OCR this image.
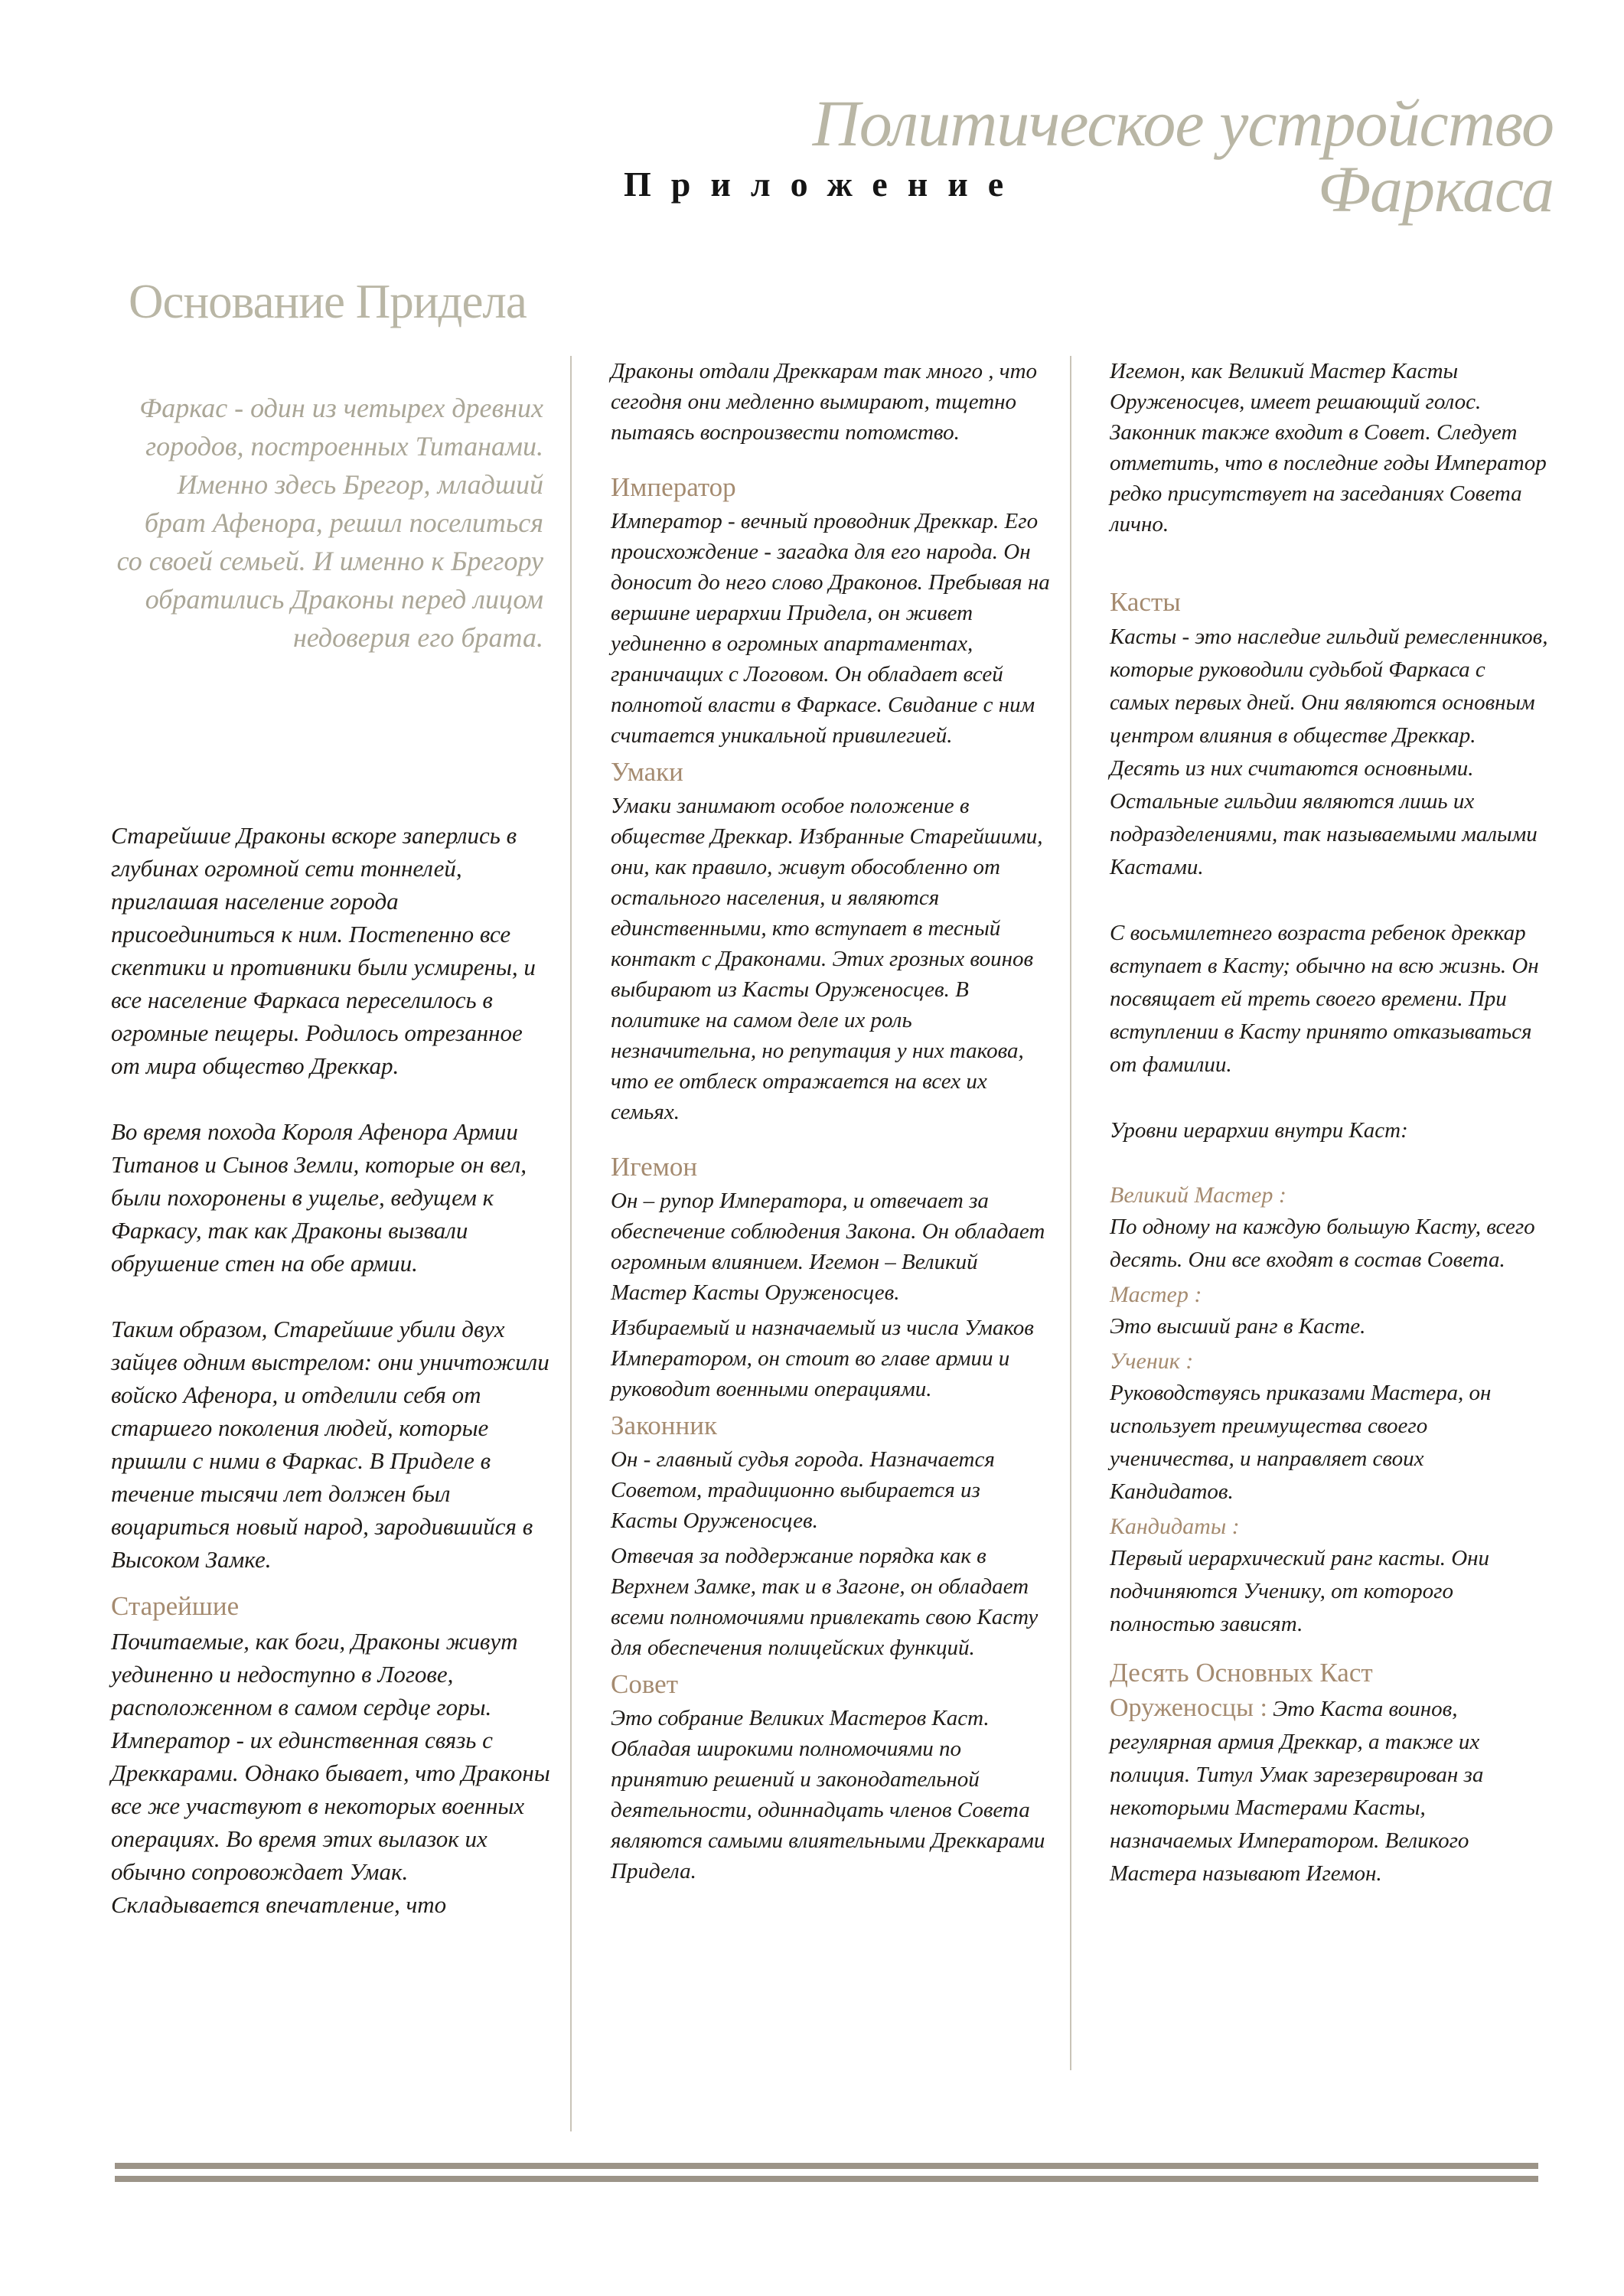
Политическое устройство Фаркаса
Приложение
Основание Придела
Фаркас - один из четырех древних городов, построенных Титанами. Именно здесь Брегор, младший брат Афенора, решил поселиться со своей семьей. И именно к Брегору обратились Драконы перед лицом недоверия его брата.

Старейшие Драконы вскоре заперлись в глубинах огромной сети тоннелей, приглашая население города присоединиться к ним. Постепенно все скептики и противники были усмирены, и все население Фаркаса переселилось в огромные пещеры. Родилось отрезанное от мира общество Дреккар.

Во время похода Короля Афенора Армии Титанов и Сынов Земли, которые он вел, были похоронены в ущелье, ведущем к Фаркасу, так как Драконы вызвали обрушение стен на обе армии.

Таким образом, Старейшие убили двух зайцев одним выстрелом: они уничтожили войско Афенора, и отделили себя от старшего поколения людей, которые пришли с ними в Фаркас. В Приделе в течение тысячи лет должен был воцариться новый народ, зародившийся в Высоком Замке.

Старейшие

Почитаемые, как боги, Драконы живут уединенно и недоступно в Логове, расположенном в самом сердце горы. Император - их единственная связь с Дреккарами. Однако бывает, что Драконы все же участвуют в некоторых военных операциях. Во время этих вылазок их обычно сопровождает Умак. Складывается впечатление, что

Драконы отдали Дреккарам так много , что сегодня они медленно вымирают, тщетно пытаясь воспроизвести потомство.

Император

Император - вечный проводник Дреккар. Его происхождение - загадка для его народа. Он доносит до него слово Драконов. Пребывая на вершине иерархии Придела, он живет уединенно в огромных апартаментах, граничащих с Логовом. Он обладает всей полнотой власти в Фаркасе. Свидание с ним считается уникальной привилегией.

Умаки

Умаки занимают особое положение в обществе Дреккар. Избранные Старейшими, они, как правило, живут обособленно от остального населения, и являются единственными, кто вступает в тесный контакт с Драконами. Этих грозных воинов выбирают из Касты Оруженосцев. В политике на самом деле их роль незначительна, но репутация у них такова, что ее отблеск отражается на всех их семьях.

Игемон

Он – рупор Императора, и отвечает за обеспечение соблюдения Закона. Он обладает огромным влиянием. Игемон – Великий Мастер Касты Оруженосцев.

Избираемый и назначаемый из числа Умаков Императором, он стоит во главе армии и руководит военными операциями.

Законник

Он - главный судья города. Назначается Советом, традиционно выбирается из Касты Оруженосцев.

Отвечая за поддержание порядка как в Верхнем Замке, так и в Загоне, он обладает всеми полномочиями привлекать свою Касту для обеспечения полицейских функций.

Совет

Это собрание Великих Мастеров Каст. Обладая широкими полномочиями по принятию решений и законодательной деятельности, одиннадцать членов Совета являются самыми влиятельными Дреккарами Придела.

Игемон, как Великий Мастер Касты Оруженосцев, имеет решающий голос. Законник также входит в Совет. Следует отметить, что в последние годы Император редко присутствует на заседаниях Совета лично.

Касты

Касты - это наследие гильдий ремесленников, которые руководили судьбой Фаркаса с самых первых дней. Они являются основным центром влияния в обществе Дреккар. Десять из них считаются основными. Остальные гильдии являются лишь их подразделениями, так называемыми малыми Кастами.

С восьмилетнего возраста ребенок дреккар вступает в Касту; обычно на всю жизнь. Он посвящает ей треть своего времени. При вступлении в Касту принято отказываться от фамилии.

Уровни иерархии внутри Каст:

Великий Мастер :

По одному на каждую большую Касту, всего десять. Они все входят в состав Совета.

Мастер :

Это высший ранг в Касте.

Ученик :

Руководствуясь приказами Мастера, он использует преимущества своего ученичества, и направляет своих Кандидатов.

Кандидаты :

Первый иерархический ранг касты. Они подчиняются Ученику, от которого полностью зависят.

Десять Основных Каст

Оруженосцы : Это Каста воинов, регулярная армия Дреккар, а также их полиция. Титул Умак зарезервирован за некоторыми Мастерами Касты, назначаемых Императором. Великого Мастера называют Игемон.
